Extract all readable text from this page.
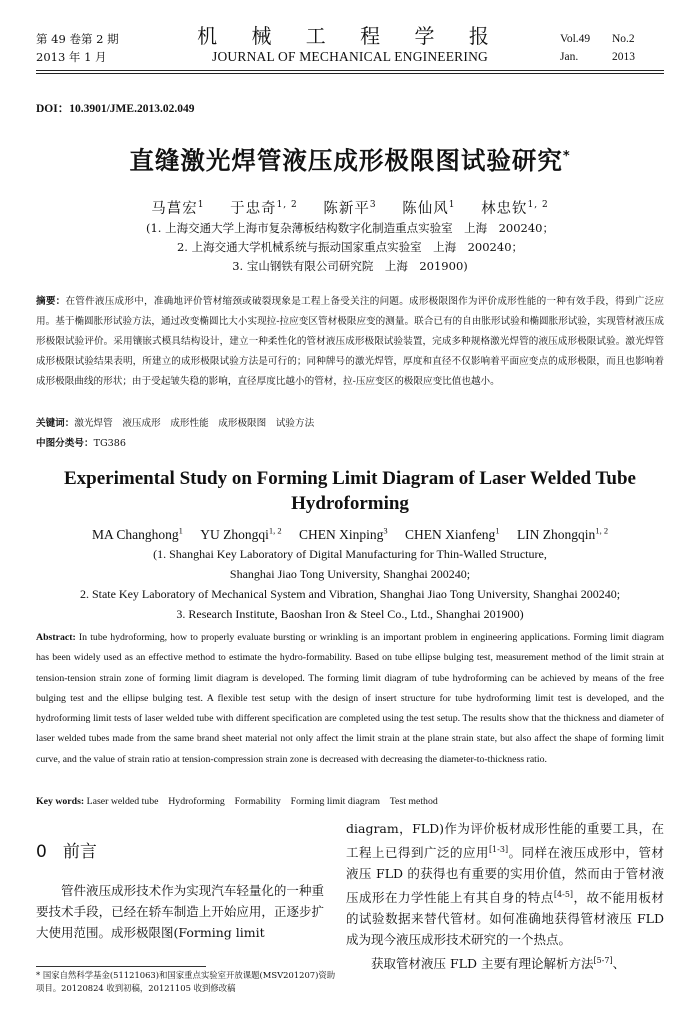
第 49 卷第 2 期
2013 年 1 月
机 械 工 程 学 报
JOURNAL OF MECHANICAL ENGINEERING
Vol.49 No.2
Jan.	2013
DOI：10.3901/JME.2013.02.049
直缝激光焊管液压成形极限图试验研究*
马菖宏$^1$ 于忠奇$^{1, 2}$ 陈新平$^3$ 陈仙风$^1$ 林忠钦$^{1, 2}$
(1. 上海交通大学上海市复杂薄板结构数字化制造重点实验室　上海　200240；
2. 上海交通大学机械系统与振动国家重点实验室　上海　200240；
3. 宝山钢铁有限公司研究院　上海　201900)
摘要：在管件液压成形中，准确地评价管材缩颈或破裂现象是工程上备受关注的问题。成形极限图作为评价成形性能的一种有效手段，得到广泛应用。基于椭圆胀形试验方法，通过改变椭圆比大小实现拉-拉应变区管材极限应变的测量。联合已有的自由胀形试验和椭圆胀形试验，实现管材液压成形极限试验评价。采用镶嵌式模具结构设计，建立一种柔性化的管材液压成形极限试验装置，完成多种规格激光焊管的液压成形极限试验。激光焊管成形极限试验结果表明，所建立的成形极限试验方法是可行的；同种牌号的激光焊管，厚度和直径不仅影响着平面应变点的成形极限，而且也影响着成形极限曲线的形状；由于受起皱失稳的影响，直径厚度比越小的管材，拉-压应变区的极限应变比值也越小。
关键词：激光焊管　液压成形　成形性能　成形极限图　试验方法
中图分类号：TG386
Experimental Study on Forming Limit Diagram of Laser Welded Tube Hydroforming
MA Changhong$^1$ YU Zhongqi$^{1, 2}$ CHEN Xinping$^3$ CHEN Xianfeng$^1$ LIN Zhongqin$^{1, 2}$
(1. Shanghai Key Laboratory of Digital Manufacturing for Thin-Walled Structure,
Shanghai Jiao Tong University, Shanghai 200240;
2. State Key Laboratory of Mechanical System and Vibration, Shanghai Jiao Tong University, Shanghai 200240;
3. Research Institute, Baoshan Iron & Steel Co., Ltd., Shanghai 201900)
Abstract: In tube hydroforming, how to properly evaluate bursting or wrinkling is an important problem in engineering applications. Forming limit diagram has been widely used as an effective method to estimate the hydro-formability. Based on tube ellipse bulging test, measurement method of the limit strain at tension-tension strain zone of forming limit diagram is developed. The forming limit diagram of tube hydroforming can be achieved by means of the free bulging test and the ellipse bulging test. A flexible test setup with the design of insert structure for tube hydroforming limit test is developed, and the hydroforming limit tests of laser welded tube with different specification are completed using the test setup. The results show that the thickness and diameter of laser welded tubes made from the same brand sheet material not only affect the limit strain at the plane strain state, but also affect the shape of forming limit curve, and the value of strain ratio at tension-compression strain zone is decreased with decreasing the diameter-to-thickness ratio.
Key words: Laser welded tube　Hydroforming　Formability　Forming limit diagram　Test method
0 前言

管件液压成形技术作为实现汽车轻量化的一种重要技术手段，已经在轿车制造上开始应用，正逐步扩大使用范围。成形极限图(Forming limit

diagram，FLD)作为评价板材成形性能的重要工具，在工程上已得到广泛的应用[1-3]。同样在液压成形中，管材液压 FLD 的获得也有重要的实用价值，然而由于管材液压成形在力学性能上有其自身的特点[4-5]，故不能用板材的试验数据来替代管材。如何准确地获得管材液压 FLD 成为现今液压成形技术研究的一个热点。

获取管材液压 FLD 主要有理论解析方法[5-7]、

* 国家自然科学基金(51121063)和国家重点实验室开放课题(MSV201207)资助项目。20120824 收到初稿，20121105 收到修改稿
